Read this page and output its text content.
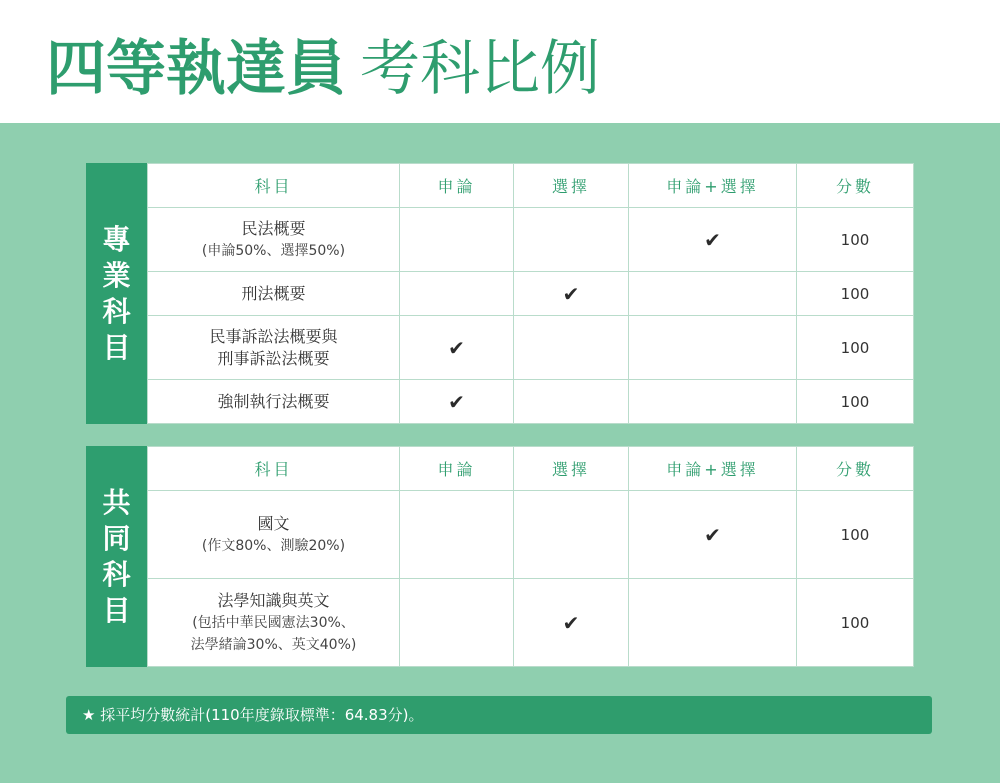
四等執達員 考科比例
專
業
科
目
科目	申論	選擇	申論+選擇	分數

民法概要
(申論50%、選擇50%)			✔	100

刑法概要		✔		100

民事訴訟法概要與
刑事訴訟法概要	✔			100

強制執行法概要	✔			100
共
同
科
目
科目	申論	選擇	申論+選擇	分數

國文
(作文80%、測驗20%)			✔	100

法學知識與英文
(包括中華民國憲法30%、
法學緒論30%、英文40%)		✔		100
★ 採平均分數統計(110年度錄取標準：64.83分)。
